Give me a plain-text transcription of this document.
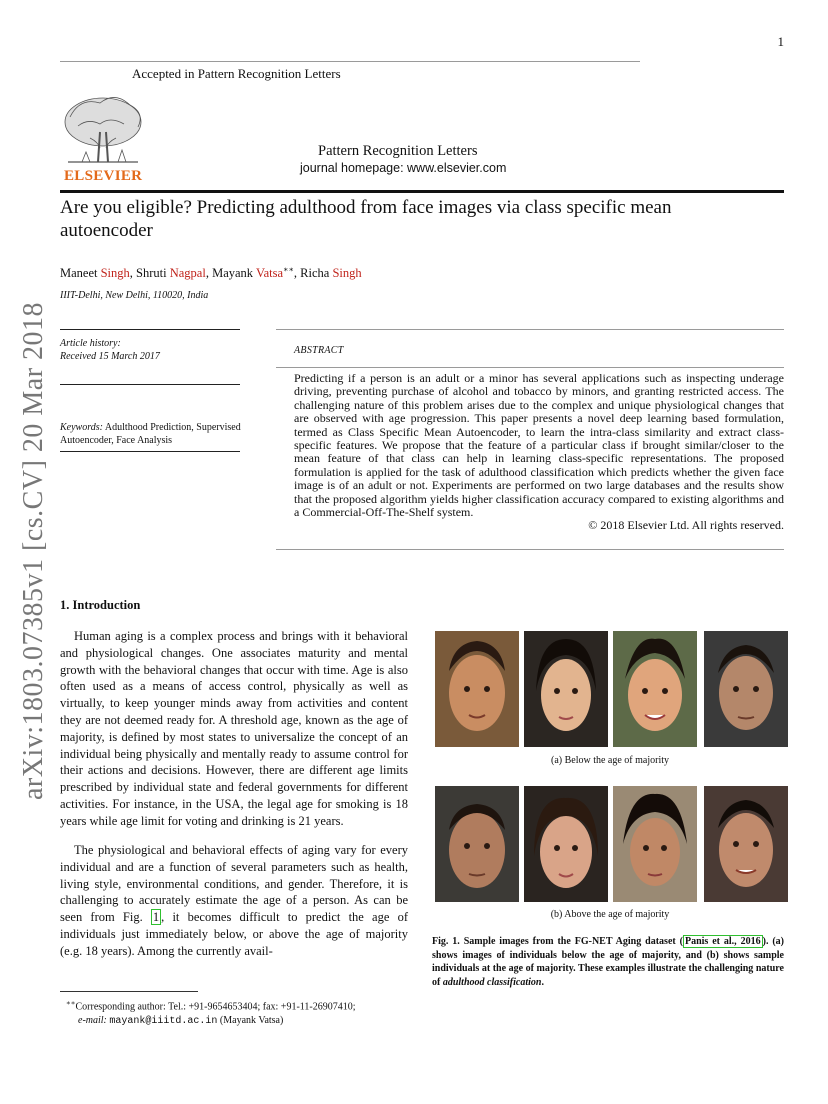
1
Accepted in Pattern Recognition Letters
ELSEVIER
Pattern Recognition Letters
journal homepage: www.elsevier.com
Are you eligible? Predicting adulthood from face images via class specific mean autoencoder
Maneet Singh, Shruti Nagpal, Mayank Vatsa∗∗, Richa Singh
IIIT-Delhi, New Delhi, 110020, India
Article history:
Received 15 March 2017
Keywords: Adulthood Prediction, Supervised Autoencoder, Face Analysis
ABSTRACT
Predicting if a person is an adult or a minor has several applications such as inspecting underage driving, preventing purchase of alcohol and tobacco by minors, and granting restricted access. The challenging nature of this problem arises due to the complex and unique physiological changes that are observed with age progression. This paper presents a novel deep learning based formulation, termed as Class Specific Mean Autoencoder, to learn the intra-class similarity and extract class-specific features. We propose that the feature of a particular class if brought similar/closer to the mean feature of that class can help in learning class-specific representations. The proposed formulation is applied for the task of adulthood classification which predicts whether the given face image is of an adult or not. Experiments are performed on two large databases and the results show that the proposed algorithm yields higher classification accuracy compared to existing algorithms and a Commercial-Off-The-Shelf system.
© 2018 Elsevier Ltd. All rights reserved.
arXiv:1803.07385v1 [cs.CV] 20 Mar 2018 1. Introduction
Human aging is a complex process and brings with it behavioral and physiological changes. One associates maturity and mental growth with the behavioral changes that occur with time. Age is also often used as a means of access control, physically as well as virtually, to keep younger minds away from activities and content they are not deemed ready for. A threshold age, known as the age of majority, is defined by most states to universalize the concept of an individual being physically and mentally ready to assume control for their actions and decisions. However, there are different age limits prescribed by individual state and federal governments for different activities. For instance, in the USA, the legal age for smoking is 18 years while age limit for voting and drinking is 21 years.
The physiological and behavioral effects of aging vary for every individual and are a function of several parameters such as health, living style, environmental conditions, and gender. Therefore, it is challenging to accurately estimate the age of a person. As can be seen from Fig. 1 , it becomes difficult to predict the age of individuals just immediately below, or above the age of majority (e.g. 18 years). Among the currently avail-
(a) Below the age of majority
(b) Above the age of majority
Fig. 1. Sample images from the FG-NET Aging dataset ( Panis et al., 2016 ). (a) shows images of individuals below the age of majority, and (b) shows sample individuals at the age of majority. These examples illustrate the challenging nature of adulthood classification.
∗∗Corresponding author: Tel.: +91-9654653404; fax: +91-11-26907410;
e-mail: mayank@iiitd.ac.in (Mayank Vatsa)
